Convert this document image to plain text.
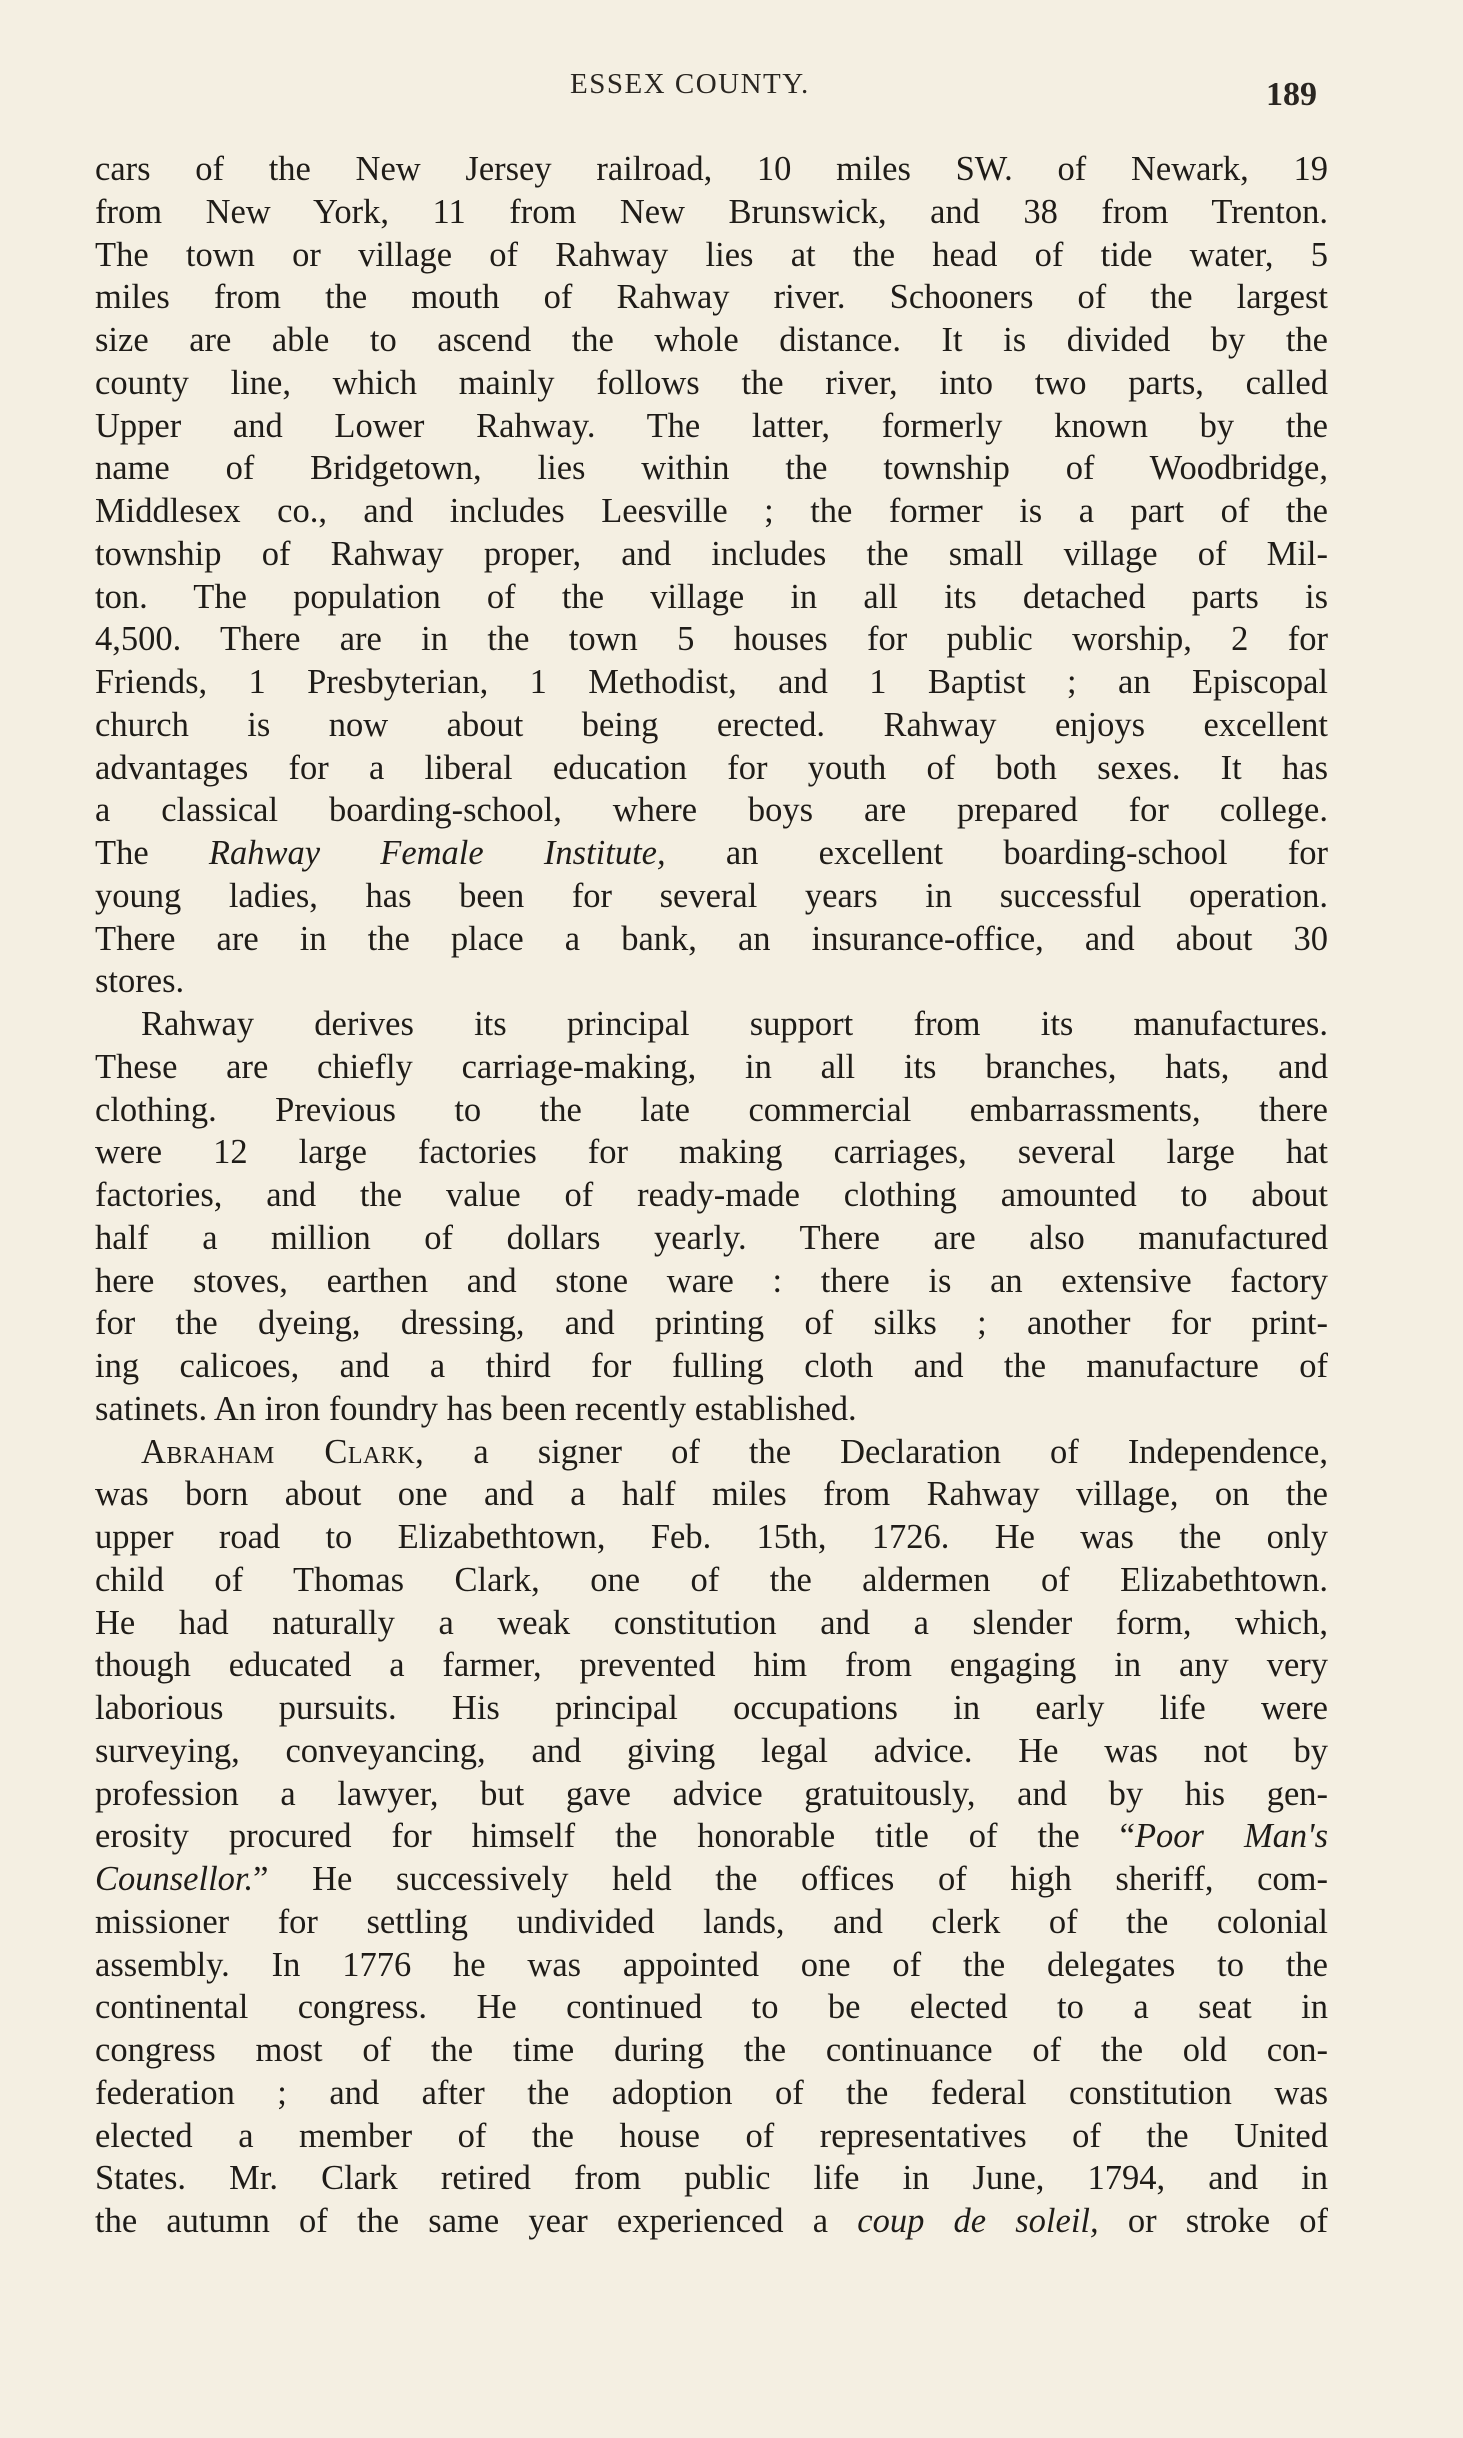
ESSEX COUNTY.	189
cars of the New Jersey railroad, 10 miles SW. of Newark, 19
from New York, 11 from New Brunswick, and 38 from Trenton.
The town or village of Rahway lies at the head of tide water, 5
miles from the mouth of Rahway river. Schooners of the largest
size are able to ascend the whole distance. It is divided by the
county line, which mainly follows the river, into two parts, called
Upper and Lower Rahway. The latter, formerly known by the
name of Bridgetown, lies within the township of Woodbridge,
Middlesex co., and includes Leesville ; the former is a part of the
township of Rahway proper, and includes the small village of Mil-
ton. The population of the village in all its detached parts is
4,500. There are in the town 5 houses for public worship, 2 for
Friends, 1 Presbyterian, 1 Methodist, and 1 Baptist ; an Episcopal
church is now about being erected. Rahway enjoys excellent
advantages for a liberal education for youth of both sexes. It has
a classical boarding-school, where boys are prepared for college.
The Rahway Female Institute, an excellent boarding-school for
young ladies, has been for several years in successful operation.
There are in the place a bank, an insurance-office, and about 30
stores.
Rahway derives its principal support from its manufactures.
These are chiefly carriage-making, in all its branches, hats, and
clothing. Previous to the late commercial embarrassments, there
were 12 large factories for making carriages, several large hat
factories, and the value of ready-made clothing amounted to about
half a million of dollars yearly. There are also manufactured
here stoves, earthen and stone ware : there is an extensive factory
for the dyeing, dressing, and printing of silks ; another for print-
ing calicoes, and a third for fulling cloth and the manufacture of
satinets. An iron foundry has been recently established.
Abraham Clark, a signer of the Declaration of Independence,
was born about one and a half miles from Rahway village, on the
upper road to Elizabethtown, Feb. 15th, 1726. He was the only
child of Thomas Clark, one of the aldermen of Elizabethtown.
He had naturally a weak constitution and a slender form, which,
though educated a farmer, prevented him from engaging in any very
laborious pursuits. His principal occupations in early life were
surveying, conveyancing, and giving legal advice. He was not by
profession a lawyer, but gave advice gratuitously, and by his gen-
erosity procured for himself the honorable title of the “Poor Man's
Counsellor.” He successively held the offices of high sheriff, com-
missioner for settling undivided lands, and clerk of the colonial
assembly. In 1776 he was appointed one of the delegates to the
continental congress. He continued to be elected to a seat in
congress most of the time during the continuance of the old con-
federation ; and after the adoption of the federal constitution was
elected a member of the house of representatives of the United
States. Mr. Clark retired from public life in June, 1794, and in
the autumn of the same year experienced a coup de soleil, or stroke of
